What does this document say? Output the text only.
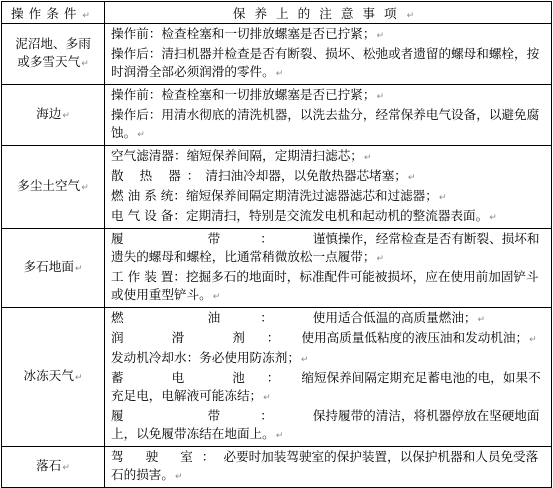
操作条件↵	保养上的注意事项↵
泥沼地、多雨
或多雪天气↵	操作前：检查栓塞和一切排放螺塞是否已拧紧；↵
操作后：清扫机器并检查是否有断裂、损坏、松弛或者遗留的螺母和螺栓，按时润滑全部必须润滑的零件。↵

海边↵	操作前：检查栓塞和一切排放螺塞是否已拧紧；↵
操作后：用清水彻底的清洗机器，以洗去盐分，经常保养电气设备，以避免腐蚀。↵

多尘土空气↵	空气滤清器：缩短保养间隔，定期清扫滤芯；↵
散 热 器：清扫油冷却器，以免散热器芯堵塞；↵
燃 油 系 统：缩短保养间隔定期清洗过滤器滤芯和过滤器；↵
电 气 设 备：定期清扫，特别是交流发电机和起动机的整流器表面。↵

多石地面↵	履 带：谨慎操作，经常检查是否有断裂、损坏和遗失的螺母和螺栓，比通常稍微放松一点履带；↵
工 作 装 置：挖掘多石的地面时，标准配件可能被损坏，应在使用前加固铲斗或使用重型铲斗。↵

冰冻天气↵	燃 油：使用适合低温的高质量燃油；↵
润 滑 剂：使用高质量低粘度的液压油和发动机油；↵
发动机冷却水：务必使用防冻剂；↵
蓄 电 池：缩短保养间隔定期充足蓄电池的电，如果不充足电，电解液可能冻结；↵
履 带：保持履带的清洁，将机器停放在坚硬地面上，以免履带冻结在地面上。↵

落石↵	驾 驶 室：必要时加装驾驶室的保护装置，以保护机器和人员免受落石的损害。↵
